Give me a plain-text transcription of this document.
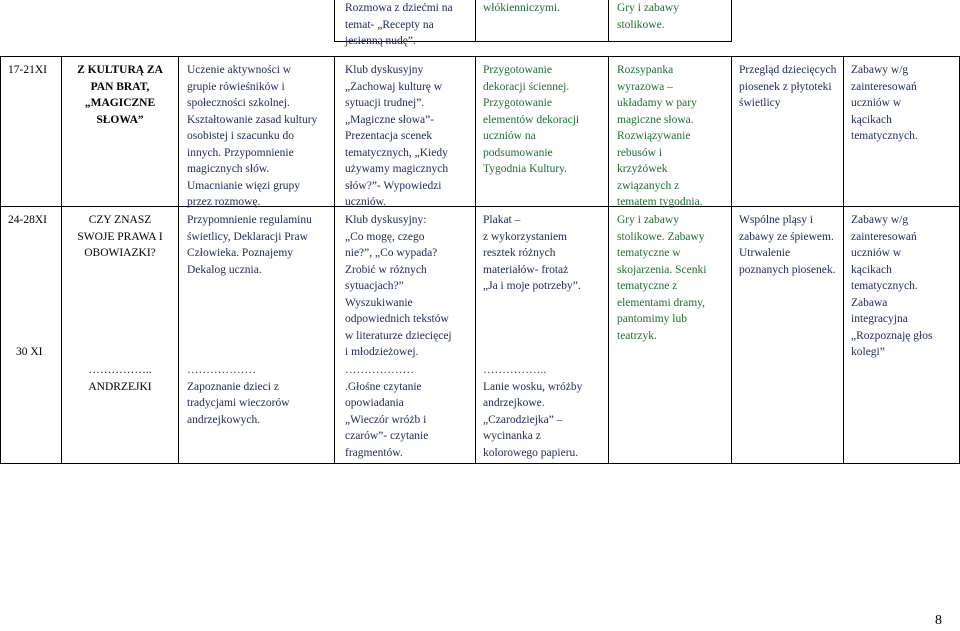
Rozmowa z dziećmi na
temat- „Recepty na
jesienną nudę”.
włókienniczymi.	Gry i zabawy
stolikowe.
17-21XI	Z KULTURĄ ZA
PAN BRAT,
„MAGICZNE
SŁOWA”
Uczenie aktywności w
grupie rówieśników i
społeczności szkolnej.
Kształtowanie zasad kultury
osobistej i szacunku do
innych. Przypomnienie
magicznych słów.
Umacnianie więzi grupy
przez rozmowę.
Klub dyskusyjny
„Zachowaj kulturę w
sytuacji trudnej”.
„Magiczne słowa”-
Prezentacja scenek
tematycznych, „Kiedy
używamy magicznych
słów?”- Wypowiedzi
uczniów.
Przygotowanie
dekoracji ściennej.
Przygotowanie
elementów dekoracji
uczniów na
podsumowanie
Tygodnia Kultury.
Rozsypanka
wyrazowa –
układamy w pary
magiczne słowa.
Rozwiązywanie
rebusów i
krzyżówek
związanych z
tematem tygodnia.
Przegląd dziecięcych
piosenek z płytoteki
świetlicy
Zabawy w/g
zainteresowań
uczniów w
kącikach
tematycznych.
24-28XI
30 XI
CZY ZNASZ
SWOJE PRAWA I
OBOWIAZKI?
……………..
ANDRZEJKI
Przypomnienie regulaminu
świetlicy, Deklaracji Praw
Człowieka. Poznajemy
Dekalog ucznia.
………………
Zapoznanie dzieci z
tradycjami wieczorów
andrzejkowych.
Klub dyskusyjny:
„Co mogę, czego
nie?”, „Co wypada?
Zrobić w różnych
sytuacjach?”
Wyszukiwanie
odpowiednich tekstów
w literaturze dziecięcej
i młodzieżowej.
………………
.Głośne czytanie
opowiadania
„Wieczór wróżb i
czarów”- czytanie
fragmentów.
Plakat –
z wykorzystaniem
resztek różnych
materiałów- frotaż
„Ja i moje potrzeby”.
……………..
Lanie wosku, wróżby
andrzejkowe.
„Czarodziejka” –
wycinanka z
kolorowego papieru.
Gry i zabawy
stolikowe. Zabawy
tematyczne w
skojarzenia. Scenki
tematyczne z
elementami dramy,
pantomimy lub
teatrzyk.
Wspólne pląsy i
zabawy ze śpiewem.
Utrwalenie
poznanych piosenek.
Zabawy w/g
zainteresowań
uczniów w
kącikach
tematycznych.
Zabawa
integracyjna
„Rozpoznaję głos
kolegi”
8
